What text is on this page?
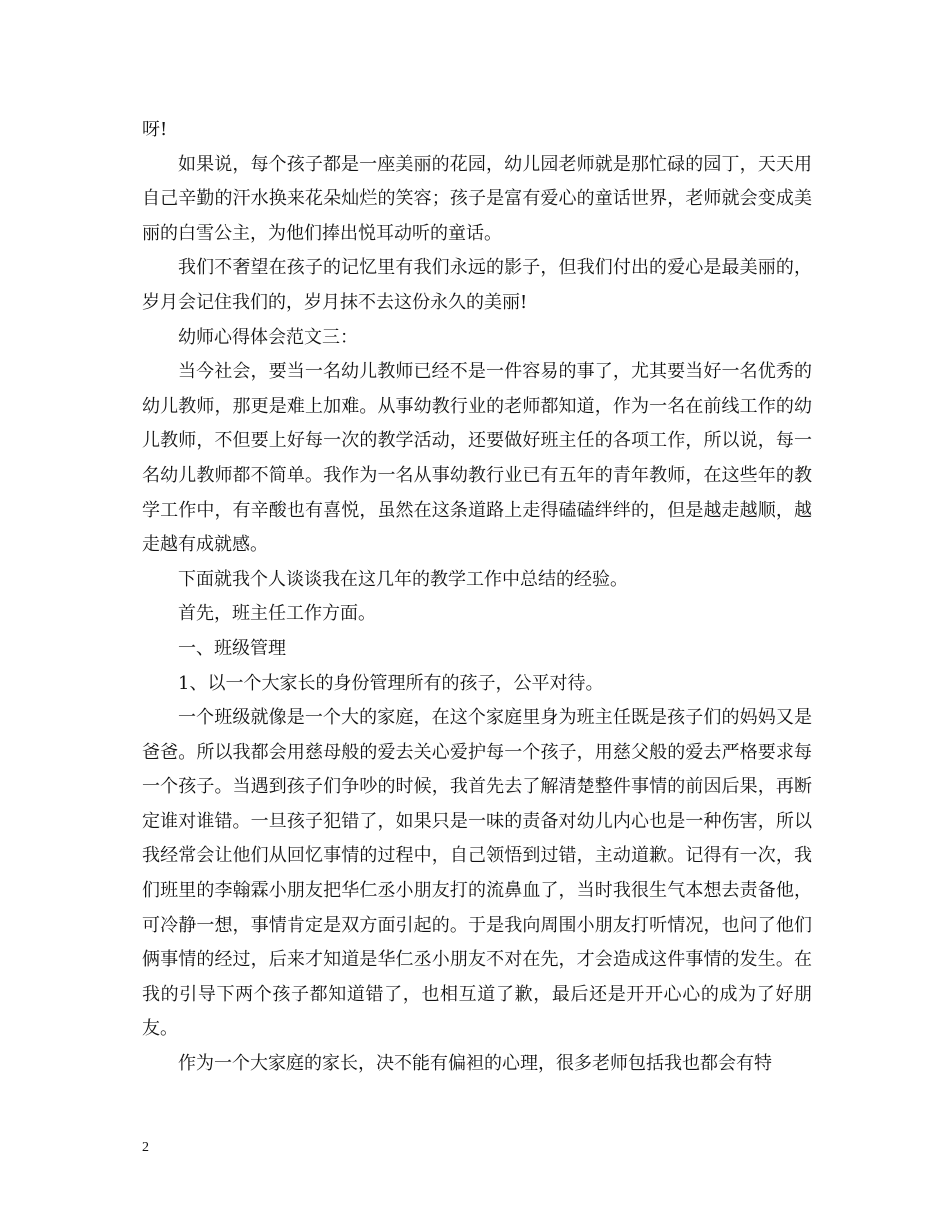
呀!

如果说，每个孩子都是一座美丽的花园，幼儿园老师就是那忙碌的园丁，天天用自己辛勤的汗水换来花朵灿烂的笑容；孩子是富有爱心的童话世界，老师就会变成美丽的白雪公主，为他们捧出悦耳动听的童话。

我们不奢望在孩子的记忆里有我们永远的影子，但我们付出的爱心是最美丽的，岁月会记住我们的，岁月抹不去这份永久的美丽!

幼师心得体会范文三：

当今社会，要当一名幼儿教师已经不是一件容易的事了，尤其要当好一名优秀的幼儿教师，那更是难上加难。从事幼教行业的老师都知道，作为一名在前线工作的幼儿教师，不但要上好每一次的教学活动，还要做好班主任的各项工作，所以说，每一名幼儿教师都不简单。我作为一名从事幼教行业已有五年的青年教师，在这些年的教学工作中，有辛酸也有喜悦，虽然在这条道路上走得磕磕绊绊的，但是越走越顺，越走越有成就感。

下面就我个人谈谈我在这几年的教学工作中总结的经验。

首先，班主任工作方面。

一、班级管理

1、以一个大家长的身份管理所有的孩子，公平对待。

一个班级就像是一个大的家庭，在这个家庭里身为班主任既是孩子们的妈妈又是爸爸。所以我都会用慈母般的爱去关心爱护每一个孩子，用慈父般的爱去严格要求每一个孩子。当遇到孩子们争吵的时候，我首先去了解清楚整件事情的前因后果，再断定谁对谁错。一旦孩子犯错了，如果只是一味的责备对幼儿内心也是一种伤害，所以我经常会让他们从回忆事情的过程中，自己领悟到过错，主动道歉。记得有一次，我们班里的李翰霖小朋友把华仁丞小朋友打的流鼻血了，当时我很生气本想去责备他，可冷静一想，事情肯定是双方面引起的。于是我向周围小朋友打听情况，也问了他们俩事情的经过，后来才知道是华仁丞小朋友不对在先，才会造成这件事情的发生。在我的引导下两个孩子都知道错了，也相互道了歉，最后还是开开心心的成为了好朋友。

作为一个大家庭的家长，决不能有偏袒的心理，很多老师包括我也都会有特

2
